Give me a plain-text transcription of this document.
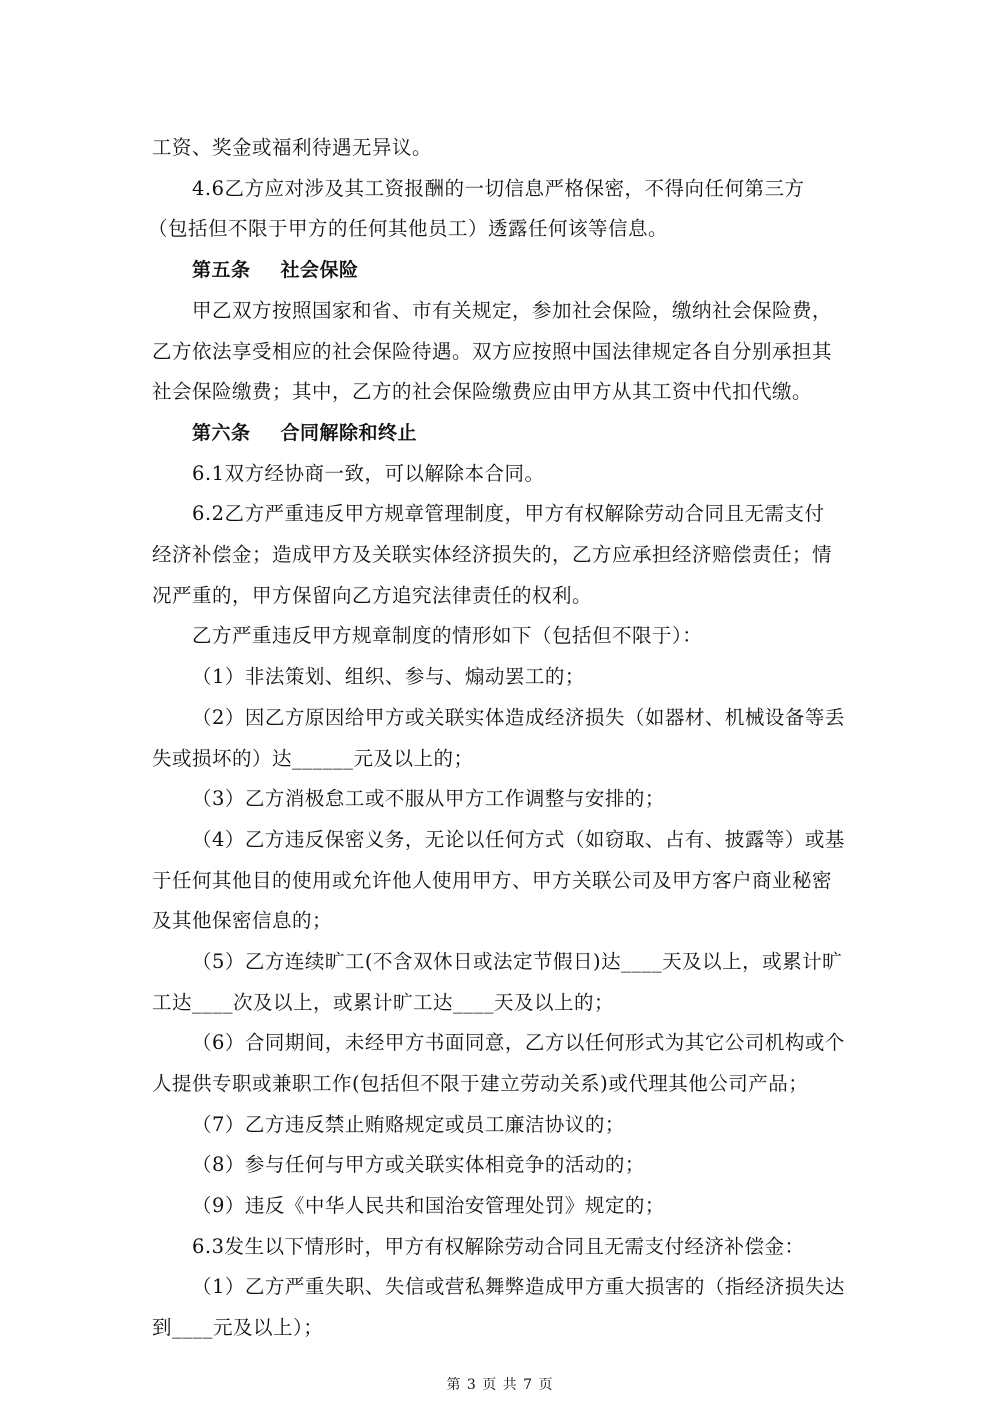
工资、奖金或福利待遇无异议。
4.6乙方应对涉及其工资报酬的一切信息严格保密，不得向任何第三方
（包括但不限于甲方的任何其他员工）透露任何该等信息。
第五条 社会保险
甲乙双方按照国家和省、市有关规定，参加社会保险，缴纳社会保险费，
乙方依法享受相应的社会保险待遇。双方应按照中国法律规定各自分别承担其
社会保险缴费；其中，乙方的社会保险缴费应由甲方从其工资中代扣代缴。
第六条 合同解除和终止
6.1双方经协商一致，可以解除本合同。
6.2乙方严重违反甲方规章管理制度，甲方有权解除劳动合同且无需支付
经济补偿金；造成甲方及关联实体经济损失的，乙方应承担经济赔偿责任；情
况严重的，甲方保留向乙方追究法律责任的权利。
乙方严重违反甲方规章制度的情形如下（包括但不限于）：
（1）非法策划、组织、参与、煽动罢工的；
（2）因乙方原因给甲方或关联实体造成经济损失（如器材、机械设备等丢
失或损坏的）达______元及以上的；
（3）乙方消极怠工或不服从甲方工作调整与安排的；
（4）乙方违反保密义务，无论以任何方式（如窃取、占有、披露等）或基
于任何其他目的使用或允许他人使用甲方、甲方关联公司及甲方客户商业秘密
及其他保密信息的；
（5）乙方连续旷工(不含双休日或法定节假日)达____天及以上，或累计旷
工达____次及以上，或累计旷工达____天及以上的；
（6）合同期间，未经甲方书面同意，乙方以任何形式为其它公司机构或个
人提供专职或兼职工作(包括但不限于建立劳动关系)或代理其他公司产品；
（7）乙方违反禁止贿赂规定或员工廉洁协议的；
（8）参与任何与甲方或关联实体相竞争的活动的；
（9）违反《中华人民共和国治安管理处罚》规定的；
6.3发生以下情形时，甲方有权解除劳动合同且无需支付经济补偿金：
（1）乙方严重失职、失信或营私舞弊造成甲方重大损害的（指经济损失达
到____元及以上）；
第 3 页 共 7 页
